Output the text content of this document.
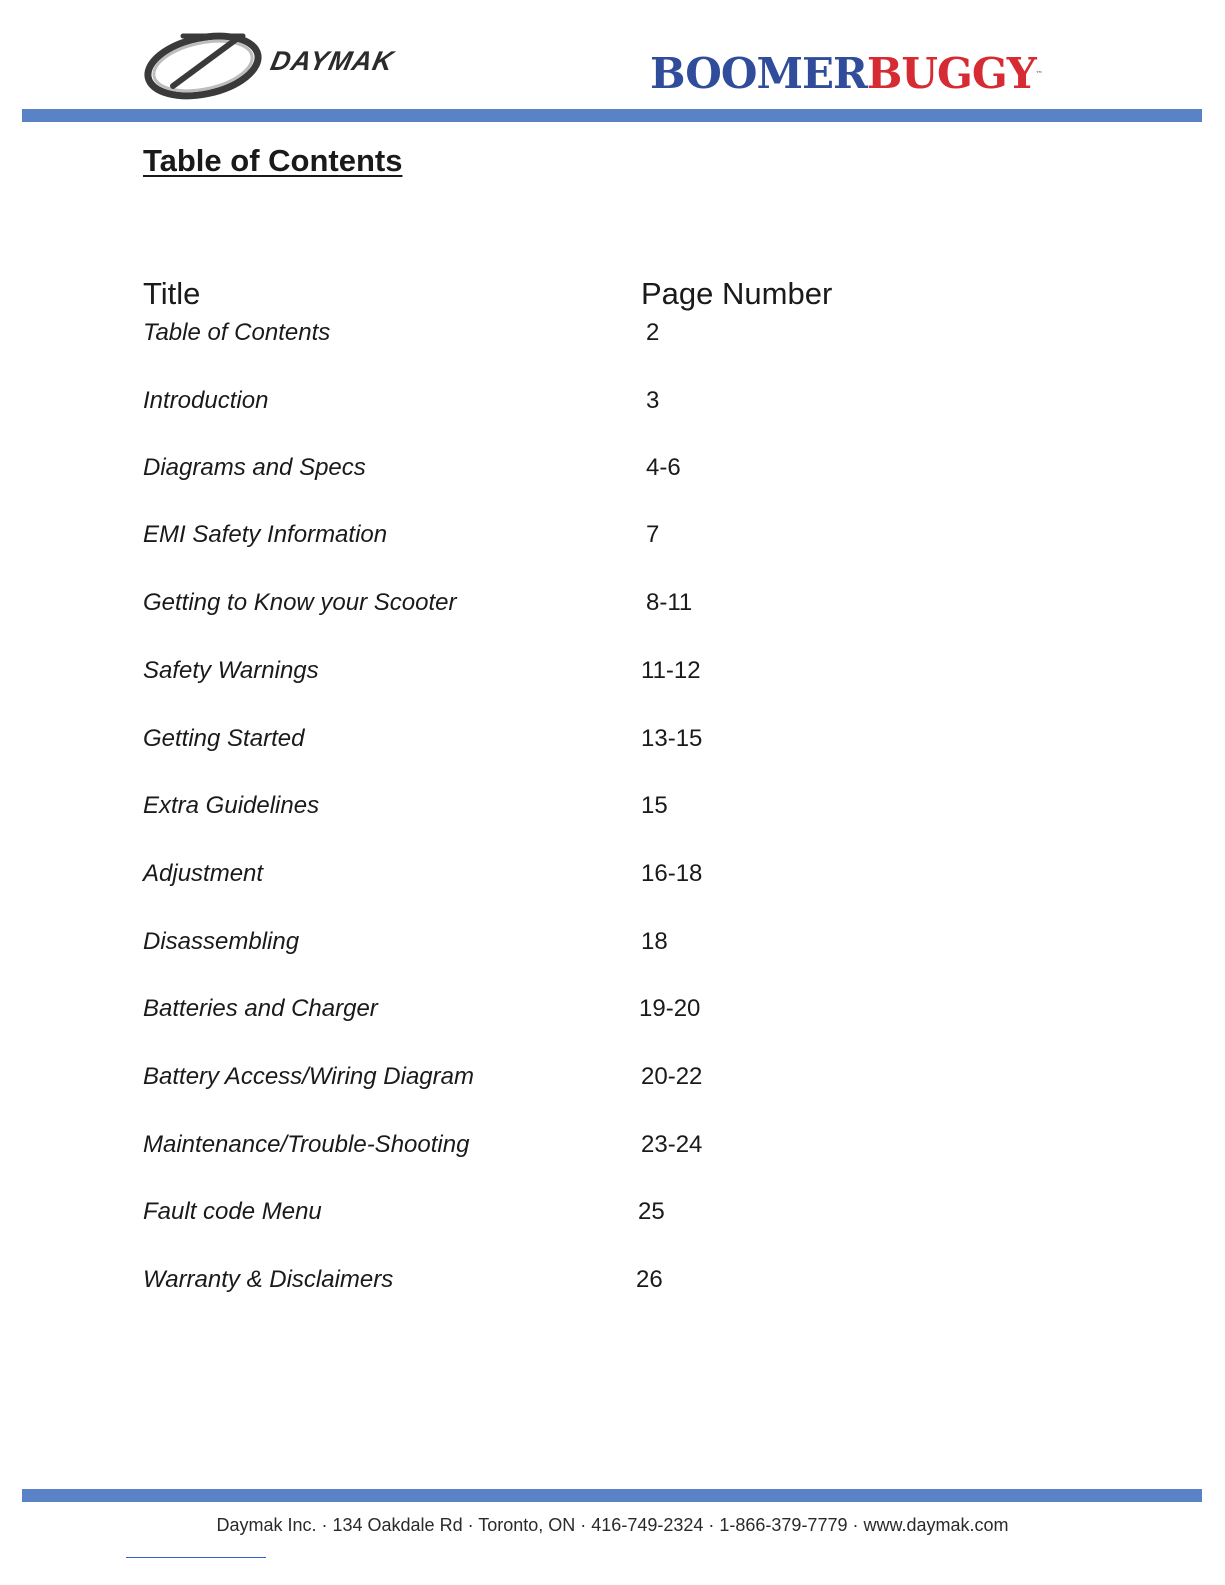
DAYMAK	BOOMERBUGGY™
Table of Contents
Title	Page Number
Table of Contents	2
Introduction	3
Diagrams and Specs	4-6
EMI Safety Information	7
Getting to Know your Scooter	8-11
Safety Warnings	11-12
Getting Started	13-15
Extra Guidelines	15
Adjustment	16-18
Disassembling	18
Batteries and Charger	19-20
Battery Access/Wiring Diagram	20-22
Maintenance/Trouble-Shooting	23-24
Fault code Menu	25
Warranty & Disclaimers	26
Daymak Inc. · 134 Oakdale Rd · Toronto, ON · 416-749-2324 · 1-866-379-7779 · www.daymak.com
